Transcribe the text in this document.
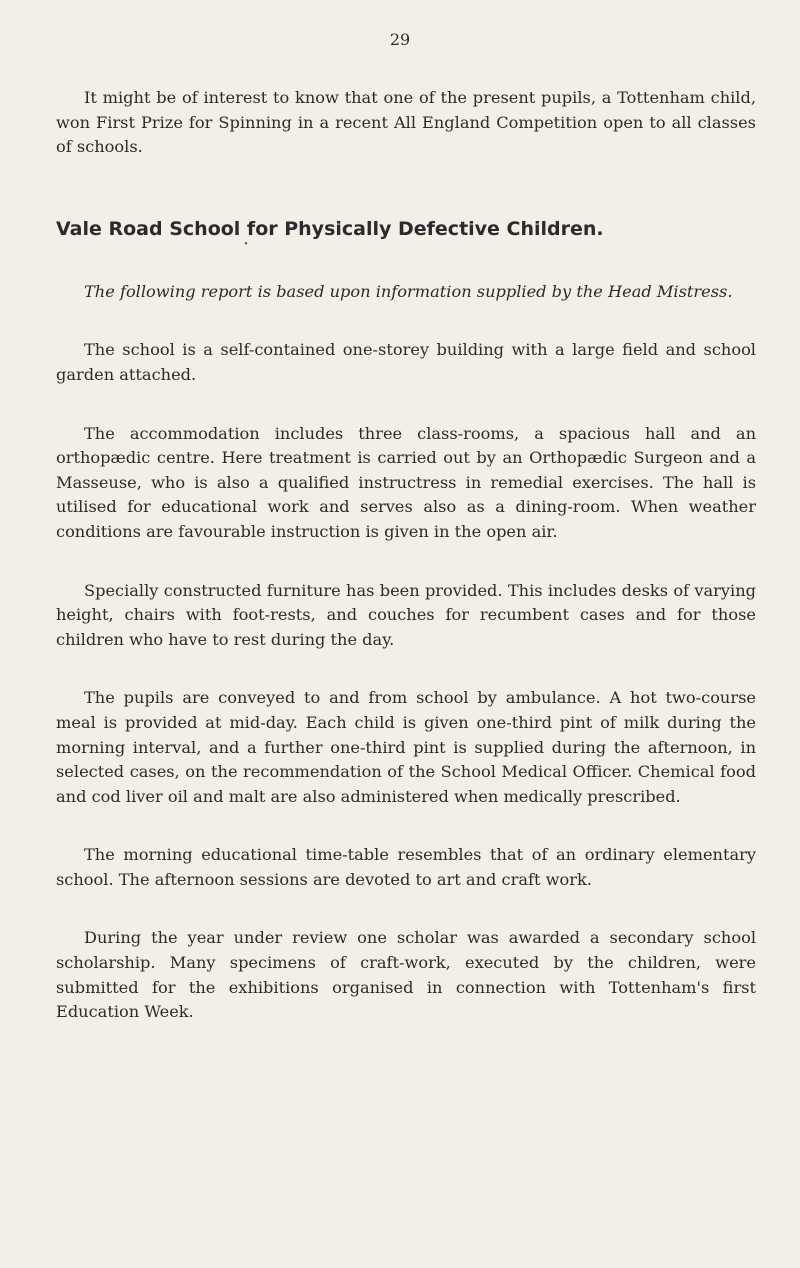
29

It might be of interest to know that one of the present pupils, a Tottenham child, won First Prize for Spinning in a recent All England Competition open to all classes of schools.

Vale Road School for Physically Defective Children.
•

The following report is based upon information supplied by the Head Mistress.

The school is a self-contained one-storey building with a large field and school garden attached.

The accommodation includes three class-rooms, a spacious hall and an orthopædic centre. Here treatment is carried out by an Orthopædic Surgeon and a Masseuse, who is also a qualified instructress in remedial exercises. The hall is utilised for educational work and serves also as a dining-room. When weather conditions are favourable instruction is given in the open air.

Specially constructed furniture has been provided. This includes desks of varying height, chairs with foot-rests, and couches for recumbent cases and for those children who have to rest during the day.

The pupils are conveyed to and from school by ambulance. A hot two-course meal is provided at mid-day. Each child is given one-third pint of milk during the morning interval, and a further one-third pint is supplied during the afternoon, in selected cases, on the recommendation of the School Medical Officer. Chemical food and cod liver oil and malt are also administered when medically prescribed.

The morning educational time-table resembles that of an ordinary elementary school. The afternoon sessions are devoted to art and craft work.

During the year under review one scholar was awarded a secondary school scholarship. Many specimens of craft-work, executed by the children, were submitted for the exhibitions organised in connection with Tottenham's first Education Week.
